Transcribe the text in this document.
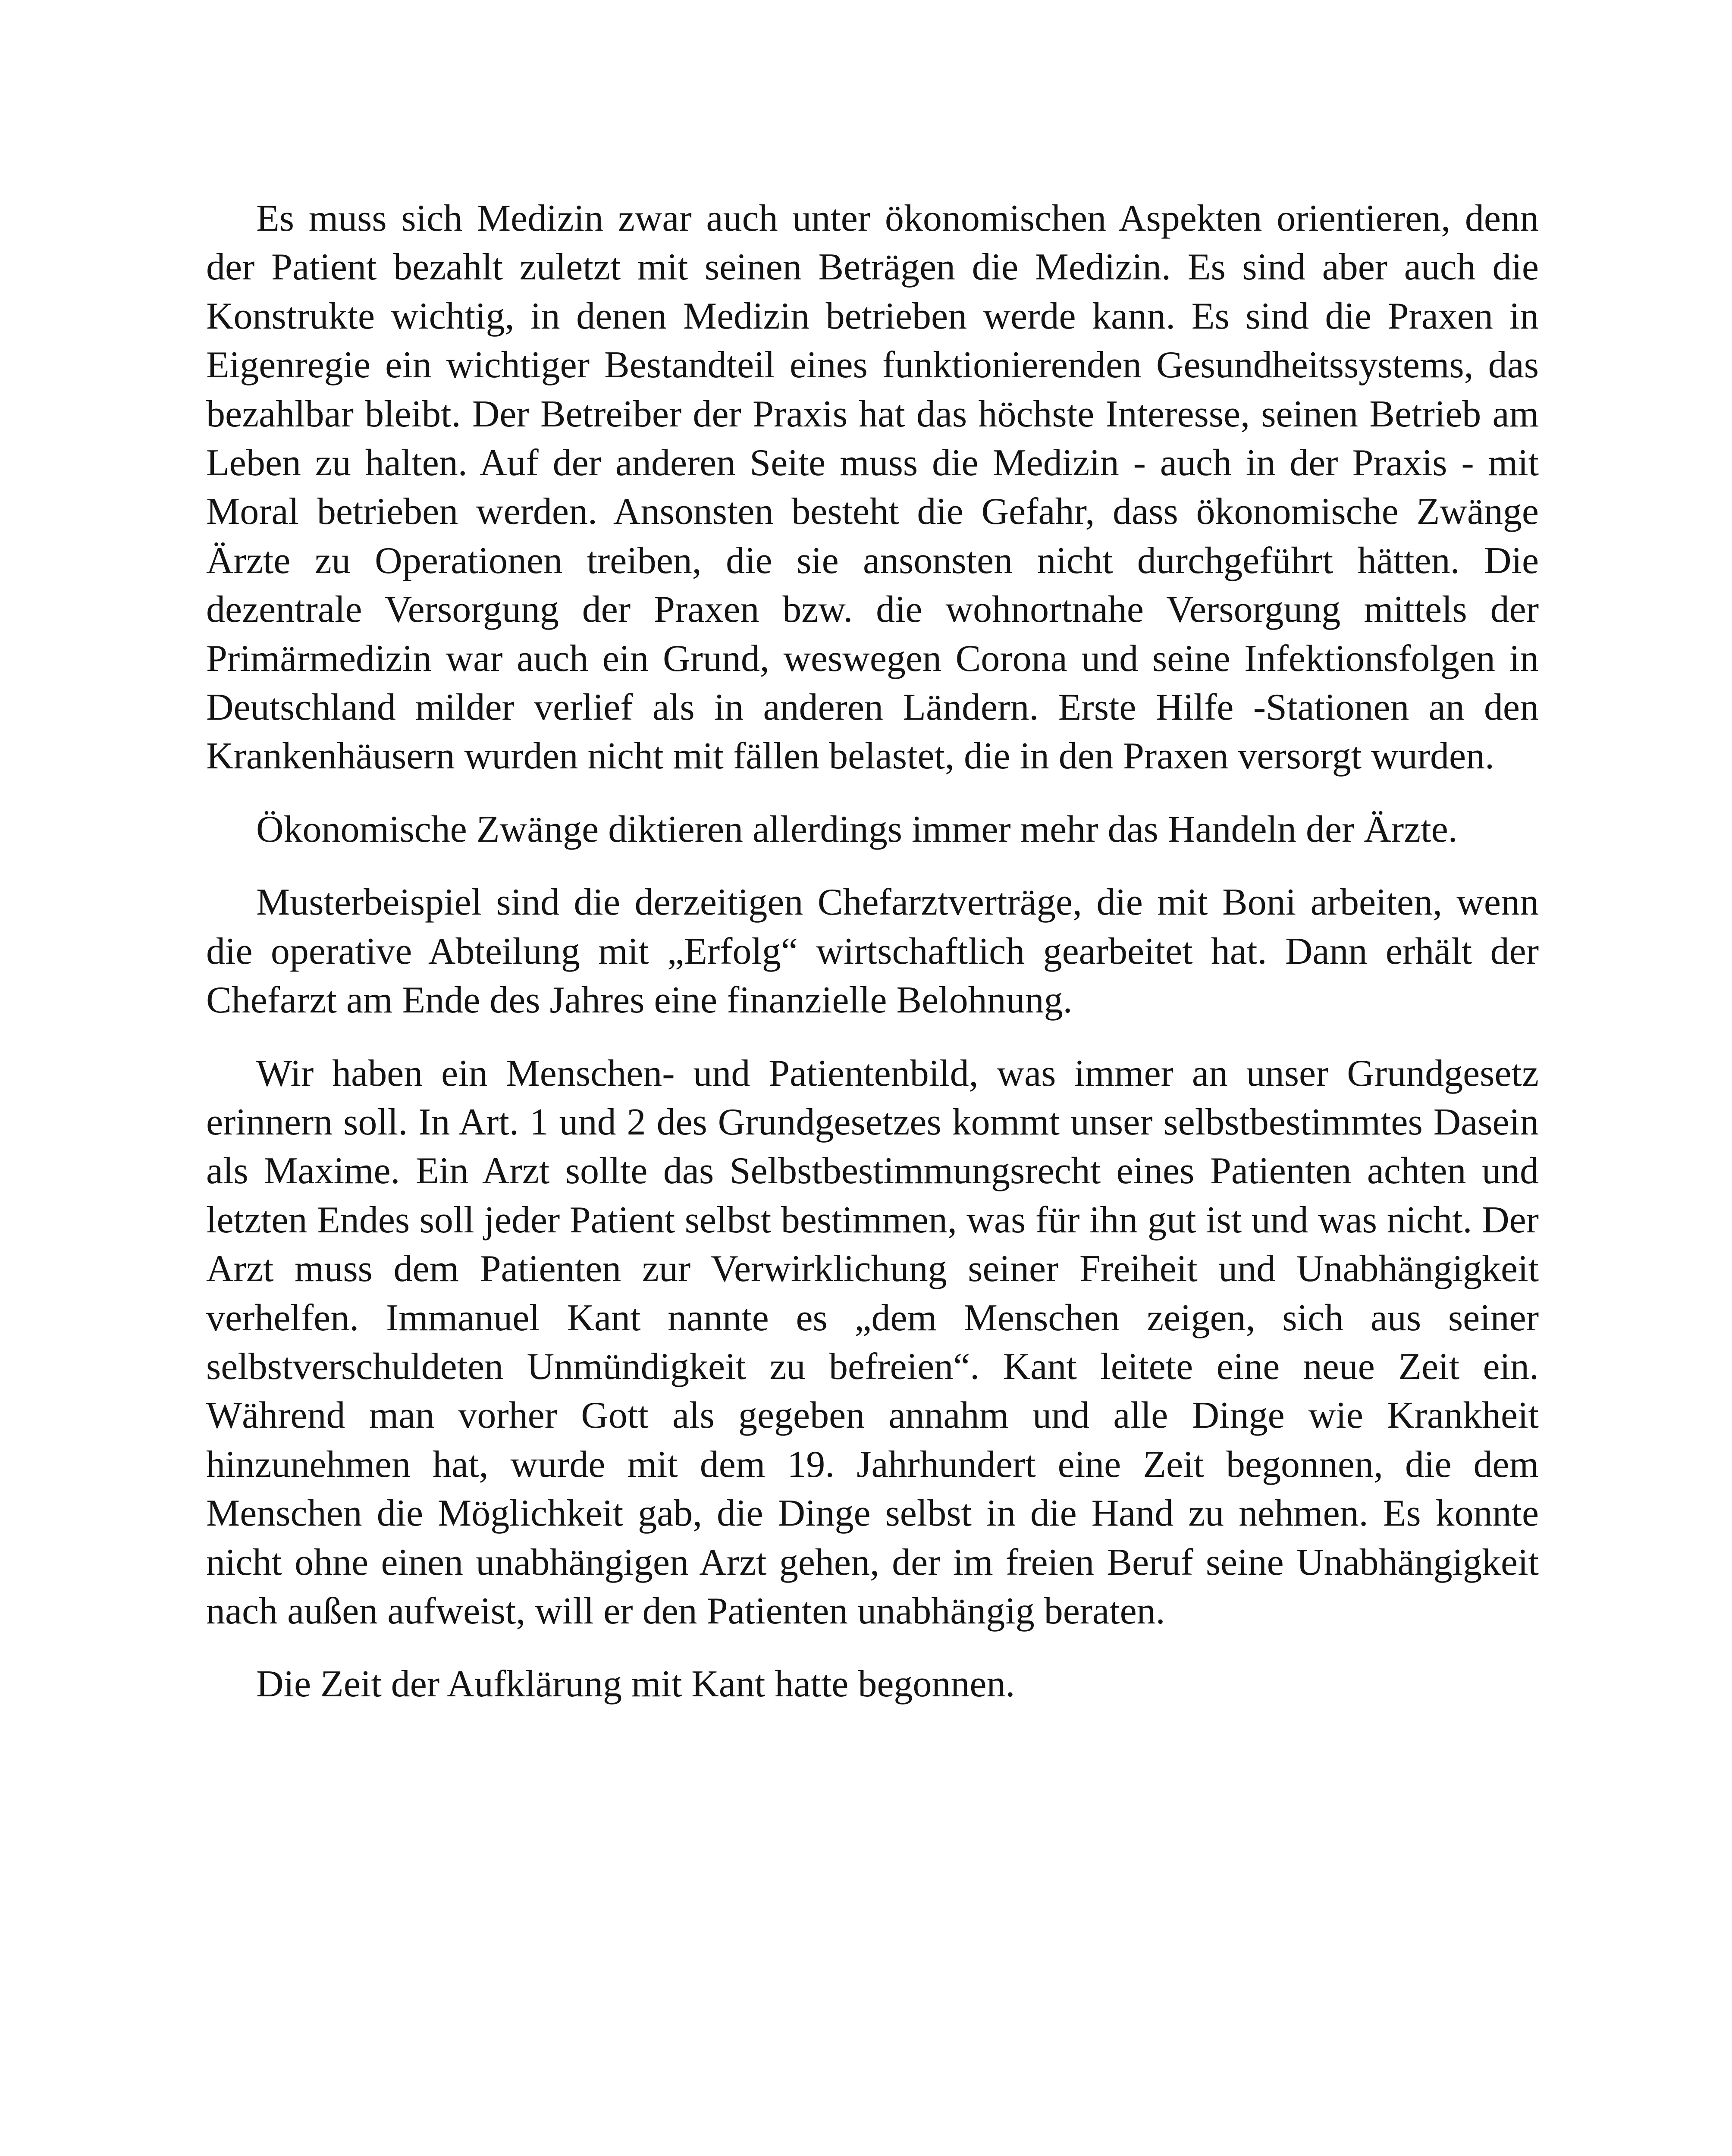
Es muss sich Medizin zwar auch unter ökonomischen Aspekten orientieren, denn der Patient bezahlt zuletzt mit seinen Beträgen die Medizin. Es sind aber auch die Konstrukte wichtig, in denen Medizin betrieben werde kann. Es sind die Praxen in Eigenregie ein wichtiger Bestandteil eines funktionierenden Gesundheitssystems, das bezahlbar bleibt. Der Betreiber der Praxis hat das höchste Interesse, seinen Betrieb am Leben zu halten. Auf der anderen Seite muss die Medizin - auch in der Praxis - mit Moral betrieben werden. Ansonsten besteht die Gefahr, dass ökonomische Zwänge Ärzte zu Operationen treiben, die sie ansonsten nicht durchgeführt hätten. Die dezentrale Versorgung der Praxen bzw. die wohnortnahe Versorgung mittels der Primärmedizin war auch ein Grund, weswegen Corona und seine Infektionsfolgen in Deutschland milder verlief als in anderen Ländern. Erste Hilfe -Stationen an den Krankenhäusern wurden nicht mit fällen belastet, die in den Praxen versorgt wurden.

Ökonomische Zwänge diktieren allerdings immer mehr das Handeln der Ärzte.

Musterbeispiel sind die derzeitigen Chefarztverträge, die mit Boni arbeiten, wenn die operative Abteilung mit „Erfolg“ wirtschaftlich gearbeitet hat. Dann erhält der Chefarzt am Ende des Jahres eine finanzielle Belohnung.

Wir haben ein Menschen- und Patientenbild, was immer an unser Grundgesetz erinnern soll. In Art. 1 und 2 des Grundgesetzes kommt unser selbstbestimmtes Dasein als Maxime. Ein Arzt sollte das Selbstbestimmungsrecht eines Patienten achten und letzten Endes soll jeder Patient selbst bestimmen, was für ihn gut ist und was nicht. Der Arzt muss dem Patienten zur Verwirklichung seiner Freiheit und Unabhängigkeit verhelfen. Immanuel Kant nannte es „dem Menschen zeigen, sich aus seiner selbstverschuldeten Unmündigkeit zu befreien“. Kant leitete eine neue Zeit ein. Während man vorher Gott als gegeben annahm und alle Dinge wie Krankheit hinzunehmen hat, wurde mit dem 19. Jahrhundert eine Zeit begonnen, die dem Menschen die Möglichkeit gab, die Dinge selbst in die Hand zu nehmen. Es konnte nicht ohne einen unabhängigen Arzt gehen, der im freien Beruf seine Unabhängigkeit nach außen aufweist, will er den Patienten unabhängig beraten.

Die Zeit der Aufklärung mit Kant hatte begonnen.
